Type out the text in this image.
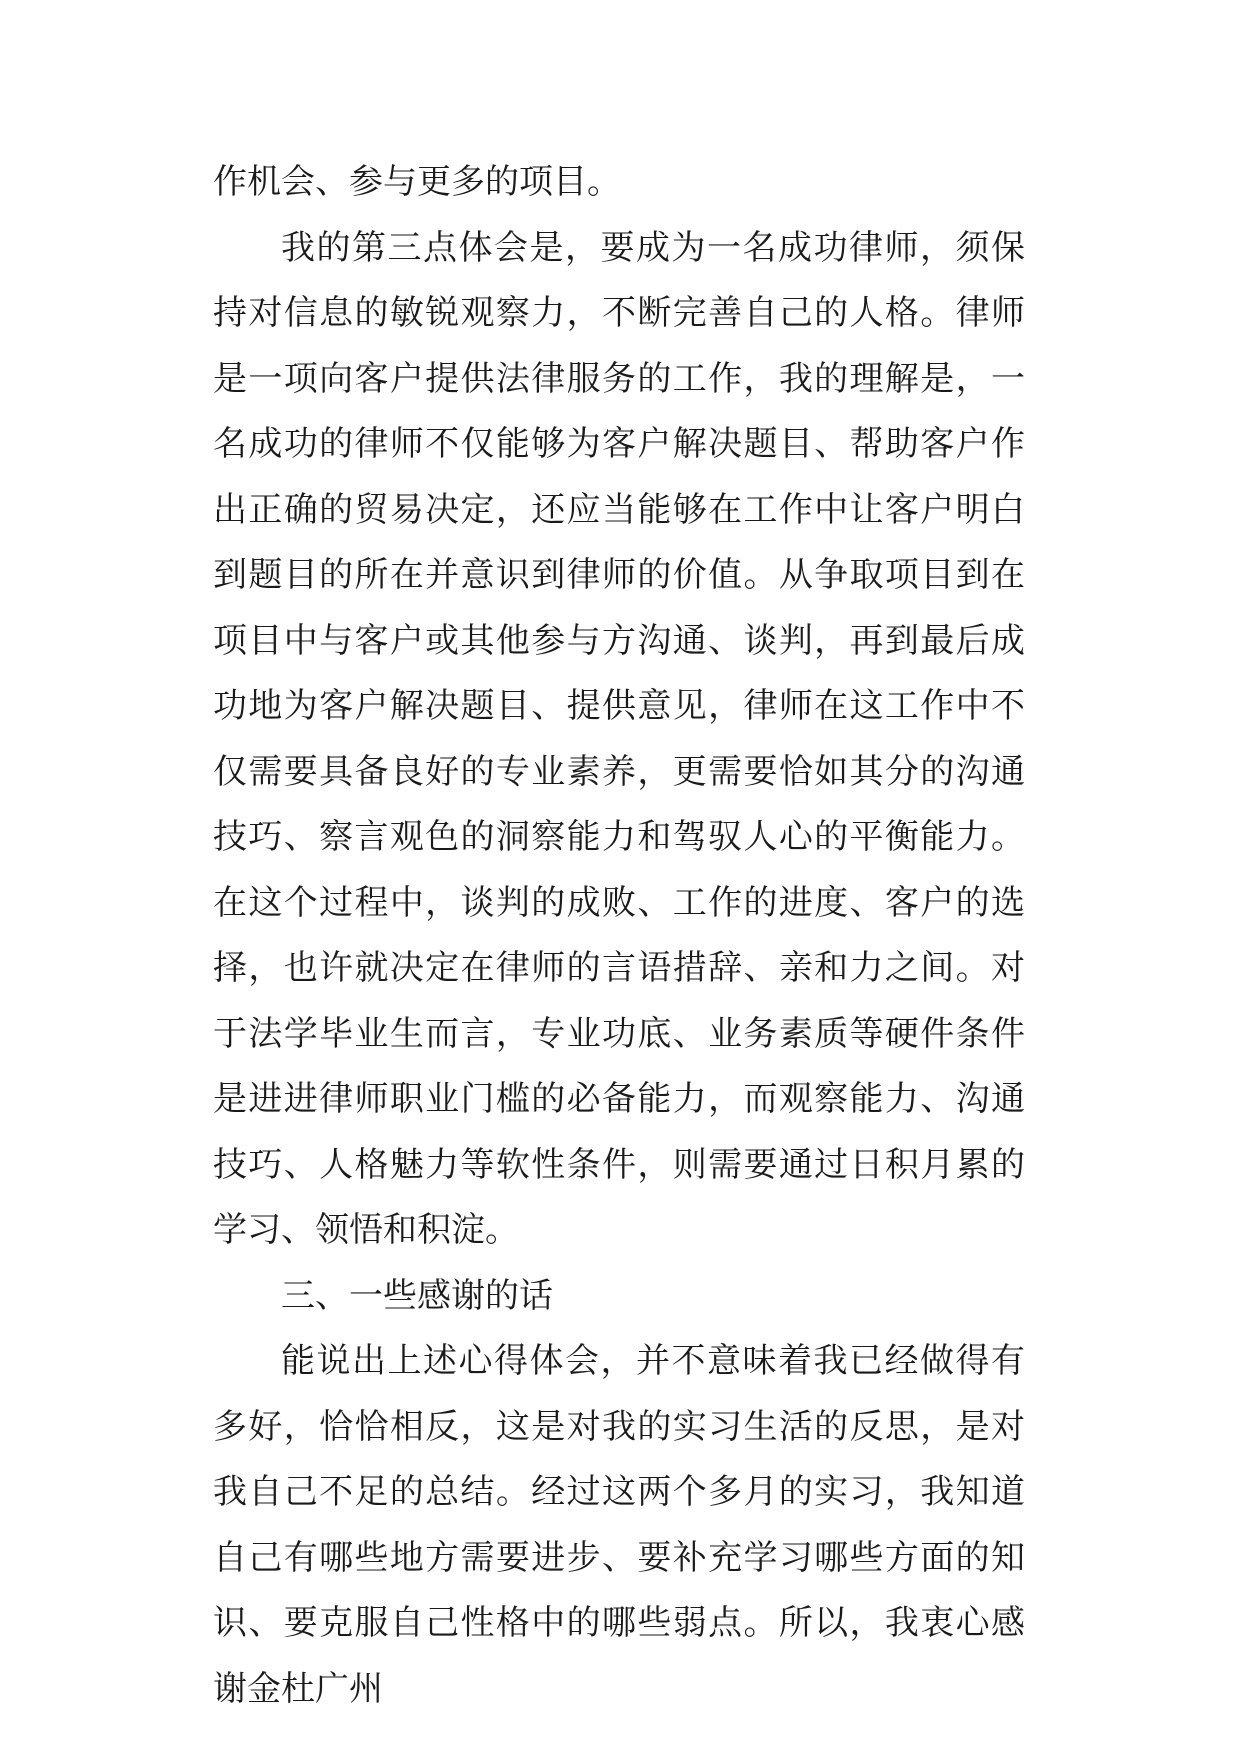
作机会、参与更多的项目。

我的第三点体会是，要成为一名成功律师，须保持对信息的敏锐观察力，不断完善自己的人格。律师是一项向客户提供法律服务的工作，我的理解是，一名成功的律师不仅能够为客户解决题目、帮助客户作出正确的贸易决定，还应当能够在工作中让客户明白到题目的所在并意识到律师的价值。从争取项目到在项目中与客户或其他参与方沟通、谈判，再到最后成功地为客户解决题目、提供意见，律师在这工作中不仅需要具备良好的专业素养，更需要恰如其分的沟通技巧、察言观色的洞察能力和驾驭人心的平衡能力。在这个过程中，谈判的成败、工作的进度、客户的选择，也许就决定在律师的言语措辞、亲和力之间。对于法学毕业生而言，专业功底、业务素质等硬件条件是进进律师职业门槛的必备能力，而观察能力、沟通技巧、人格魅力等软性条件，则需要通过日积月累的学习、领悟和积淀。

三、一些感谢的话

能说出上述心得体会，并不意味着我已经做得有多好，恰恰相反，这是对我的实习生活的反思，是对我自己不足的总结。经过这两个多月的实习，我知道自己有哪些地方需要进步、要补充学习哪些方面的知识、要克服自己性格中的哪些弱点。所以，我衷心感谢金杜广州
